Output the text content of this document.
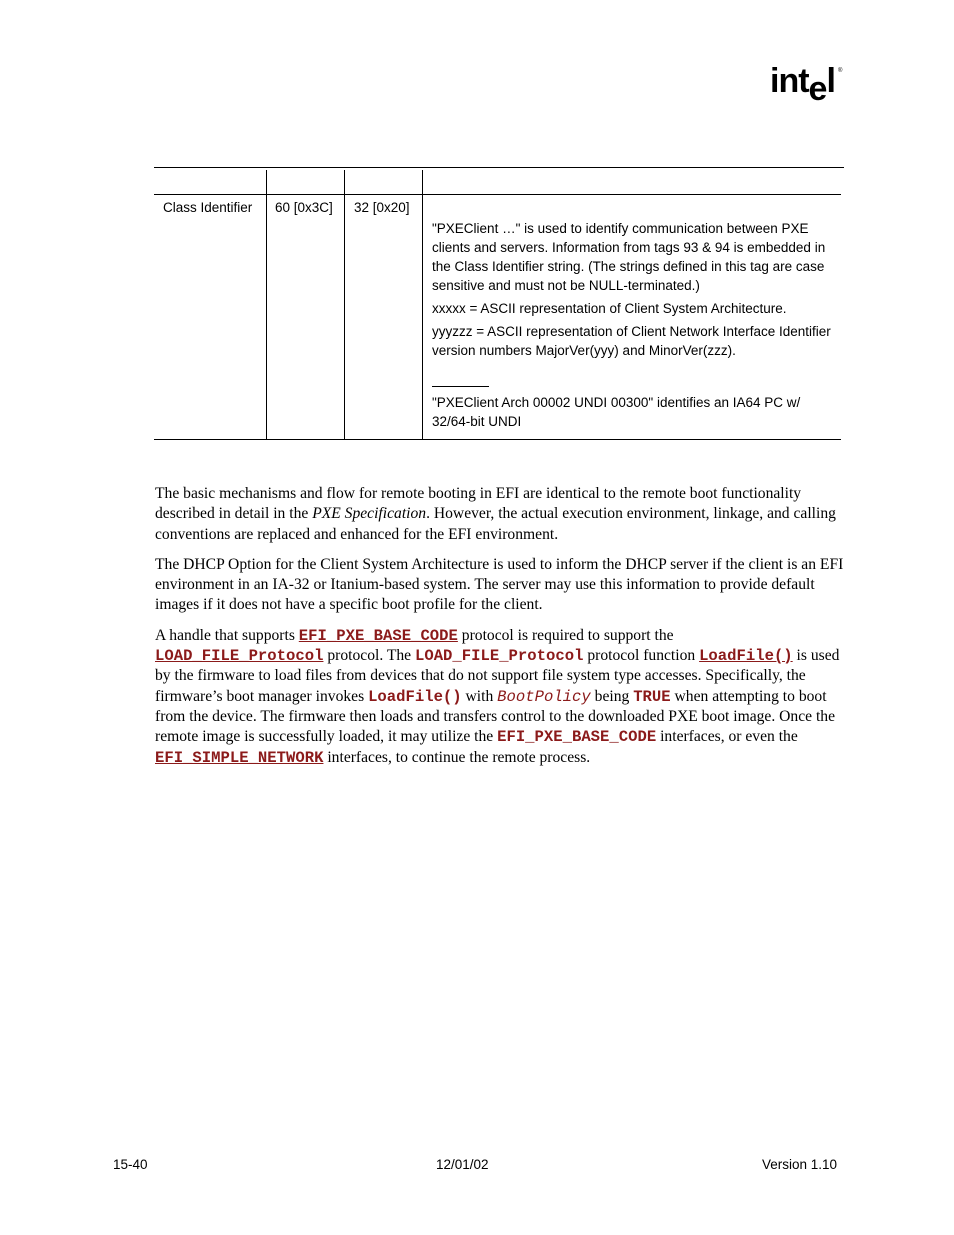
intel ®

Class Identifier	60 [0x3C]	32 [0x20]	"PXEClient …" is used to identify communication between PXE clients and servers. Information from tags 93 & 94 is embedded in the Class Identifier string. (The strings defined in this tag are case sensitive and must not be NULL-terminated.)

xxxxx = ASCII representation of Client System Architecture.

yyyzzz = ASCII representation of Client Network Interface Identifier version numbers MajorVer(yyy) and MinorVer(zzz).

"PXEClient Arch 00002 UNDI 00300" identifies an IA64 PC w/ 32/64-bit UNDI

The basic mechanisms and flow for remote booting in EFI are identical to the remote boot functionality described in detail in the PXE Specification. However, the actual execution environment, linkage, and calling conventions are replaced and enhanced for the EFI environment.

The DHCP Option for the Client System Architecture is used to inform the DHCP server if the client is an EFI environment in an IA-32 or Itanium-based system. The server may use this information to provide default images if it does not have a specific boot profile for the client.

A handle that supports EFI_PXE_BASE_CODE protocol is required to support the LOAD_FILE_Protocol protocol. The LOAD_FILE_Protocol protocol function LoadFile() is used by the firmware to load files from devices that do not support file system type accesses. Specifically, the firmware’s boot manager invokes LoadFile() with BootPolicy being TRUE when attempting to boot from the device. The firmware then loads and transfers control to the downloaded PXE boot image. Once the remote image is successfully loaded, it may utilize the EFI_PXE_BASE_CODE interfaces, or even the EFI_SIMPLE_NETWORK interfaces, to continue the remote process.

15-40	12/01/02	Version 1.10
